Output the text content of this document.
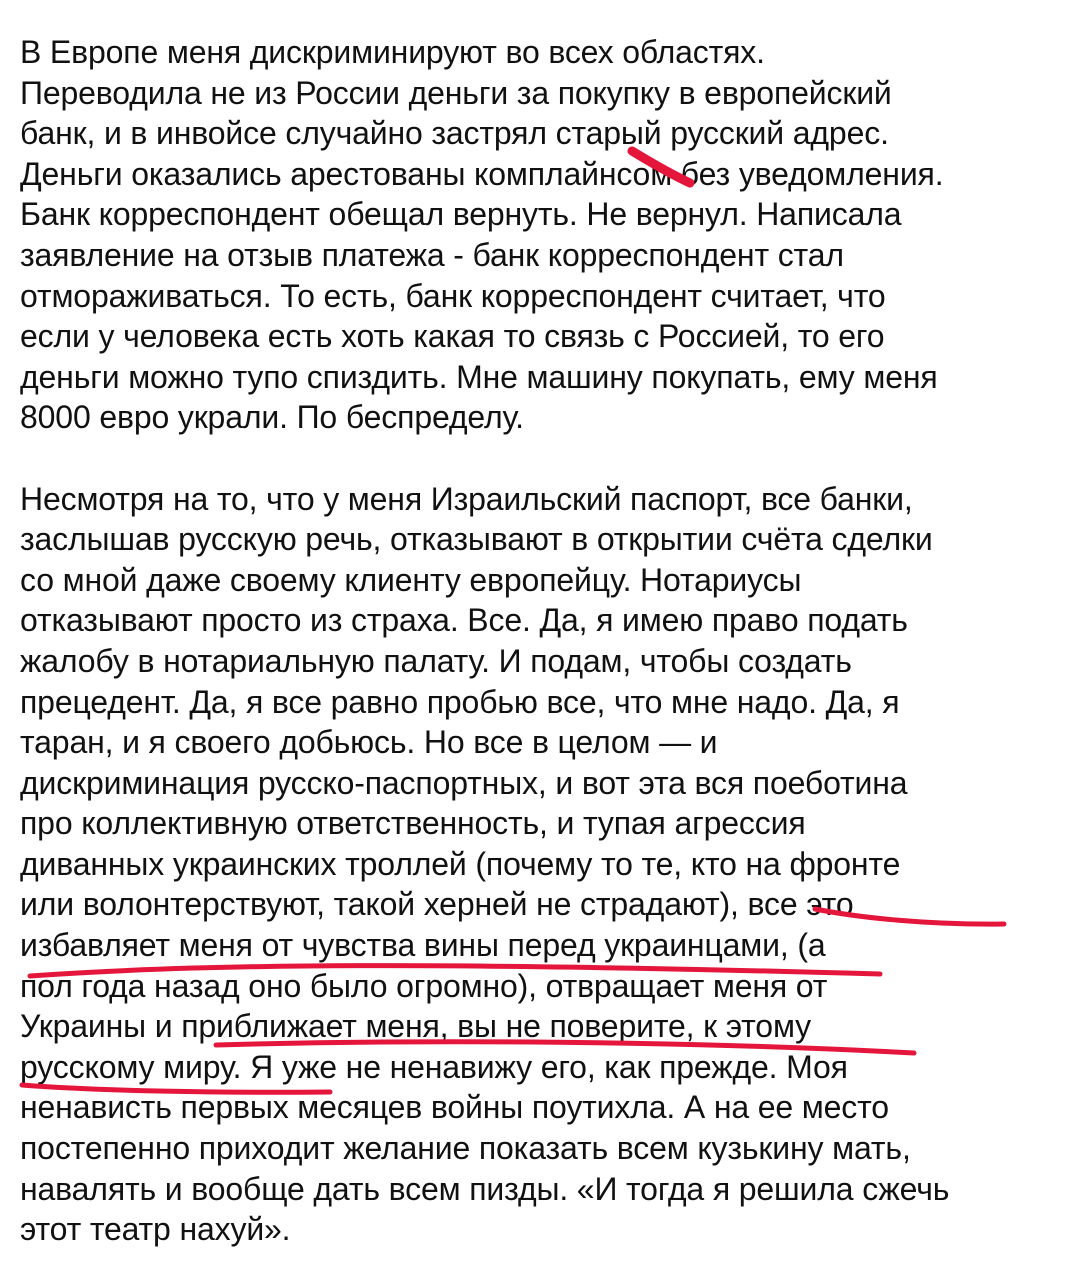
В Европе меня дискриминируют во всех областях.
Переводила не из России деньги за покупку в европейский
банк, и в инвойсе случайно застрял старый русский адрес.
Деньги оказались арестованы комплайнсом без уведомления.
Банк корреспондент обещал вернуть. Не вернул. Написала
заявление на отзыв платежа - банк корреспондент стал
отмораживаться. То есть, банк корреспондент считает, что
если у человека есть хоть какая то связь с Россией, то его
деньги можно тупо спиздить. Мне машину покупать, ему меня
8000 евро украли. По беспределу.
Несмотря на то, что у меня Израильский паспорт, все банки,
заслышав русскую речь, отказывают в открытии счёта сделки
со мной даже своему клиенту европейцу. Нотариусы
отказывают просто из страха. Все. Да, я имею право подать
жалобу в нотариальную палату. И подам, чтобы создать
прецедент. Да, я все равно пробью все, что мне надо. Да, я
таран, и я своего добьюсь. Но все в целом — и
дискриминация русско-паспортных, и вот эта вся поеботина
про коллективную ответственность, и тупая агрессия
диванных украинских троллей (почему то те, кто на фронте
или волонтерствуют, такой херней не страдают), все это
избавляет меня от чувства вины перед украинцами, (а
пол года назад оно было огромно), отвращает меня от
Украины и приближает меня, вы не поверите, к этому
русскому миру. Я уже не ненавижу его, как прежде. Моя
ненависть первых месяцев войны поутихла. А на ее место
постепенно приходит желание показать всем кузькину мать,
навалять и вообще дать всем пизды. «И тогда я решила сжечь
этот театр нахуй».
